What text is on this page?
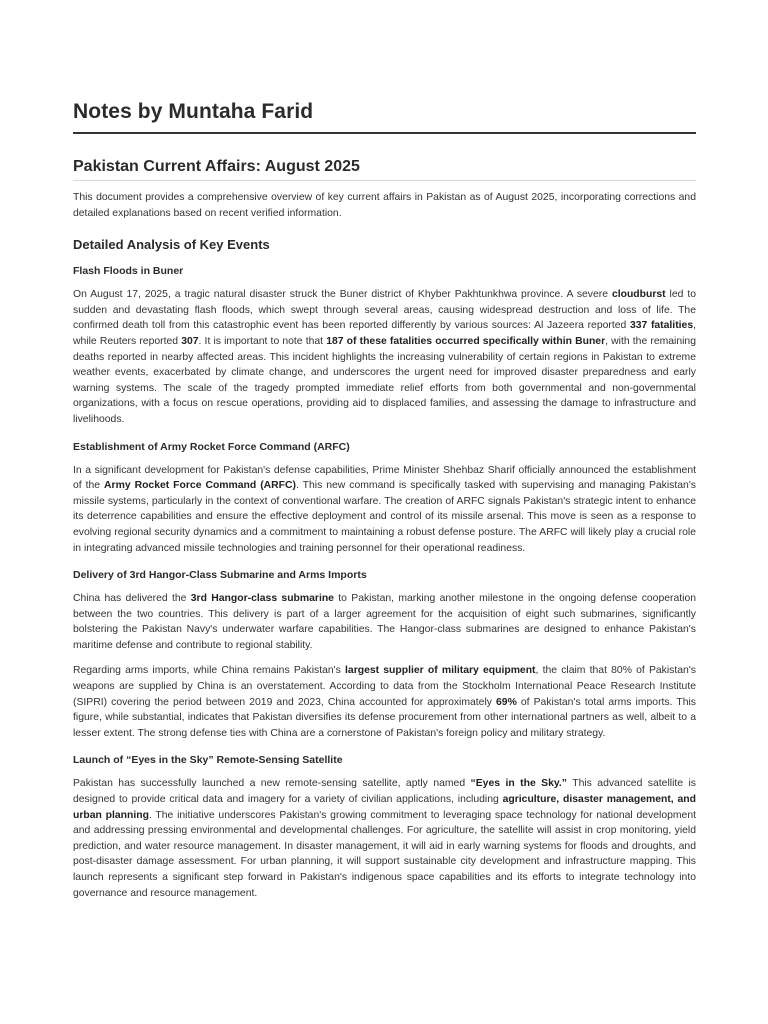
Notes by Muntaha Farid
Pakistan Current Affairs: August 2025

This document provides a comprehensive overview of key current affairs in Pakistan as of August 2025, incorporating corrections and detailed explanations based on recent verified information.

Detailed Analysis of Key Events
Flash Floods in Buner

On August 17, 2025, a tragic natural disaster struck the Buner district of Khyber Pakhtunkhwa province. A severe cloudburst led to sudden and devastating flash floods, which swept through several areas, causing widespread destruction and loss of life. The confirmed death toll from this catastrophic event has been reported differently by various sources: Al Jazeera reported 337 fatalities, while Reuters reported 307. It is important to note that 187 of these fatalities occurred specifically within Buner, with the remaining deaths reported in nearby affected areas. This incident highlights the increasing vulnerability of certain regions in Pakistan to extreme weather events, exacerbated by climate change, and underscores the urgent need for improved disaster preparedness and early warning systems. The scale of the tragedy prompted immediate relief efforts from both governmental and non-governmental organizations, with a focus on rescue operations, providing aid to displaced families, and assessing the damage to infrastructure and livelihoods.

Establishment of Army Rocket Force Command (ARFC)

In a significant development for Pakistan's defense capabilities, Prime Minister Shehbaz Sharif officially announced the establishment of the Army Rocket Force Command (ARFC). This new command is specifically tasked with supervising and managing Pakistan's missile systems, particularly in the context of conventional warfare. The creation of ARFC signals Pakistan's strategic intent to enhance its deterrence capabilities and ensure the effective deployment and control of its missile arsenal. This move is seen as a response to evolving regional security dynamics and a commitment to maintaining a robust defense posture. The ARFC will likely play a crucial role in integrating advanced missile technologies and training personnel for their operational readiness.

Delivery of 3rd Hangor-Class Submarine and Arms Imports

China has delivered the 3rd Hangor-class submarine to Pakistan, marking another milestone in the ongoing defense cooperation between the two countries. This delivery is part of a larger agreement for the acquisition of eight such submarines, significantly bolstering the Pakistan Navy's underwater warfare capabilities. The Hangor-class submarines are designed to enhance Pakistan's maritime defense and contribute to regional stability.

Regarding arms imports, while China remains Pakistan's largest supplier of military equipment, the claim that 80% of Pakistan's weapons are supplied by China is an overstatement. According to data from the Stockholm International Peace Research Institute (SIPRI) covering the period between 2019 and 2023, China accounted for approximately 69% of Pakistan's total arms imports. This figure, while substantial, indicates that Pakistan diversifies its defense procurement from other international partners as well, albeit to a lesser extent. The strong defense ties with China are a cornerstone of Pakistan's foreign policy and military strategy.

Launch of “Eyes in the Sky” Remote-Sensing Satellite

Pakistan has successfully launched a new remote-sensing satellite, aptly named “Eyes in the Sky.” This advanced satellite is designed to provide critical data and imagery for a variety of civilian applications, including agriculture, disaster management, and urban planning. The initiative underscores Pakistan's growing commitment to leveraging space technology for national development and addressing pressing environmental and developmental challenges. For agriculture, the satellite will assist in crop monitoring, yield prediction, and water resource management. In disaster management, it will aid in early warning systems for floods and droughts, and post-disaster damage assessment. For urban planning, it will support sustainable city development and infrastructure mapping. This launch represents a significant step forward in Pakistan's indigenous space capabilities and its efforts to integrate technology into governance and resource management.
